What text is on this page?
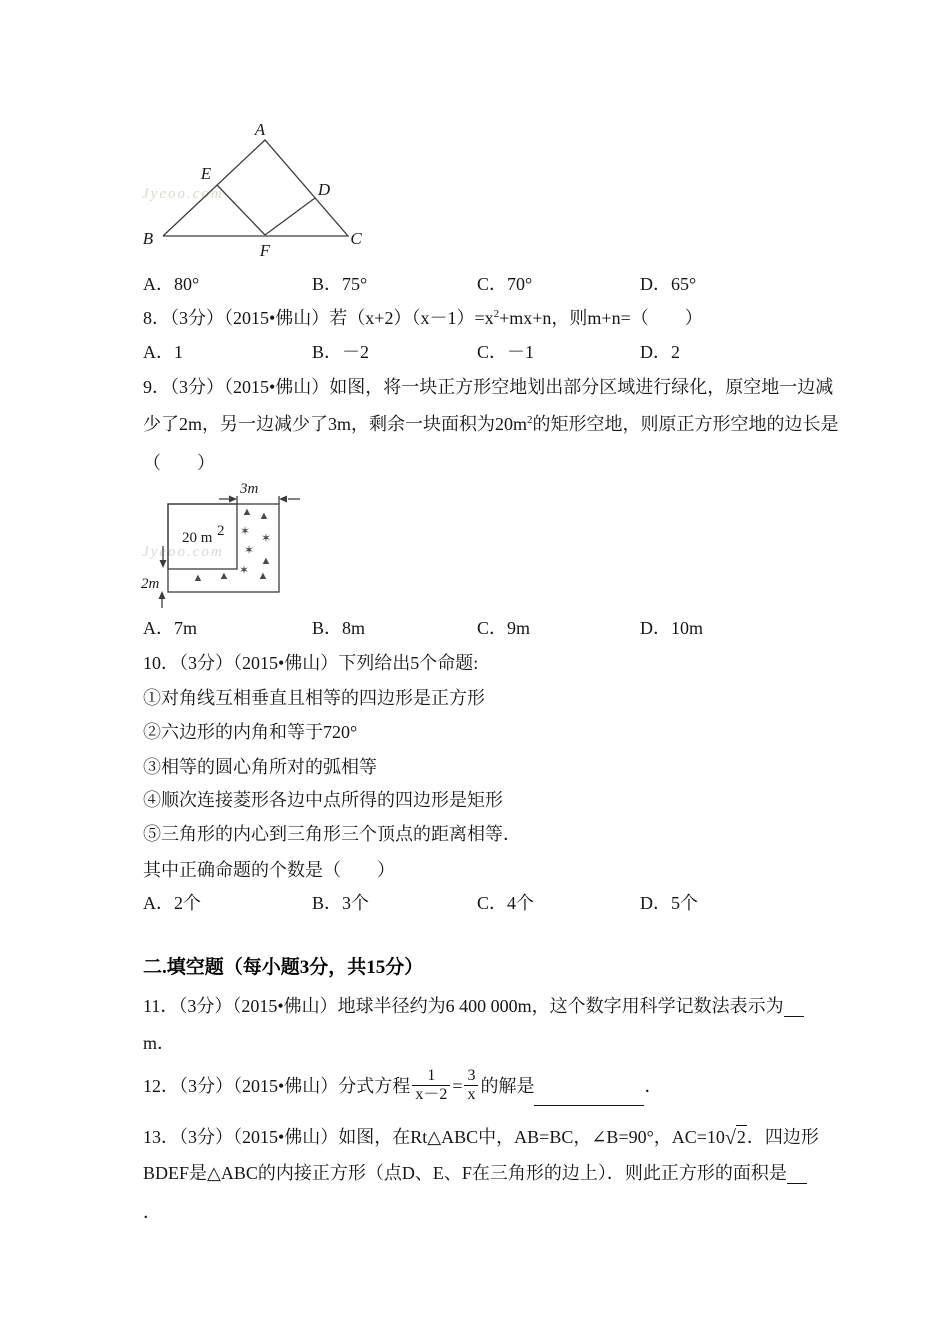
Jyeoo.com
A
E
D
B	C
F
A．80°	B．75°	C．70°	D．65°
8．（3分）（2015•佛山）若$(x+2)(x-1)=x^2+mx+n$，则m+n=（　　）
A．1	B．－2	C．－1	D．2
9．（3分）（2015•佛山）如图，将一块正方形空地划出部分区域进行绿化，原空地一边减
少了2m，另一边减少了3m，剩余一块面积为$20m^2$的矩形空地，则原正方形空地的边长是
（　　）
Jyeoo.com
3m
2m
20 m 2
▲ ▲
▲
▲
▲ ▲
✶ ✶
✶
✶
A．7m	B．8m	C．9m	D．10m
10．（3分）（2015•佛山）下列给出5个命题:
①对角线互相垂直且相等的四边形是正方形
②六边形的内角和等于720°
③相等的圆心角所对的弧相等
④顺次连接菱形各边中点所得的四边形是矩形
⑤三角形的内心到三角形三个顶点的距离相等．
其中正确命题的个数是（　　）
A．2个	B．3个	C．4个	D．5个
二.填空题（每小题3分，共15分）
11．（3分）（2015•佛山）地球半径约为6 400 000m，这个数字用科学记数法表示为
m．
12．（3分）（2015•佛山）分式方程 $\frac{1}{x-2} = \frac{3}{x}$ 的解是	．
13．（3分）（2015•佛山）如图，在Rt△ABC中，AB=BC，∠B=90°，AC=10√2．四边形
BDEF是△ABC的内接正方形（点D、E、F在三角形的边上）．则此正方形的面积是
．
